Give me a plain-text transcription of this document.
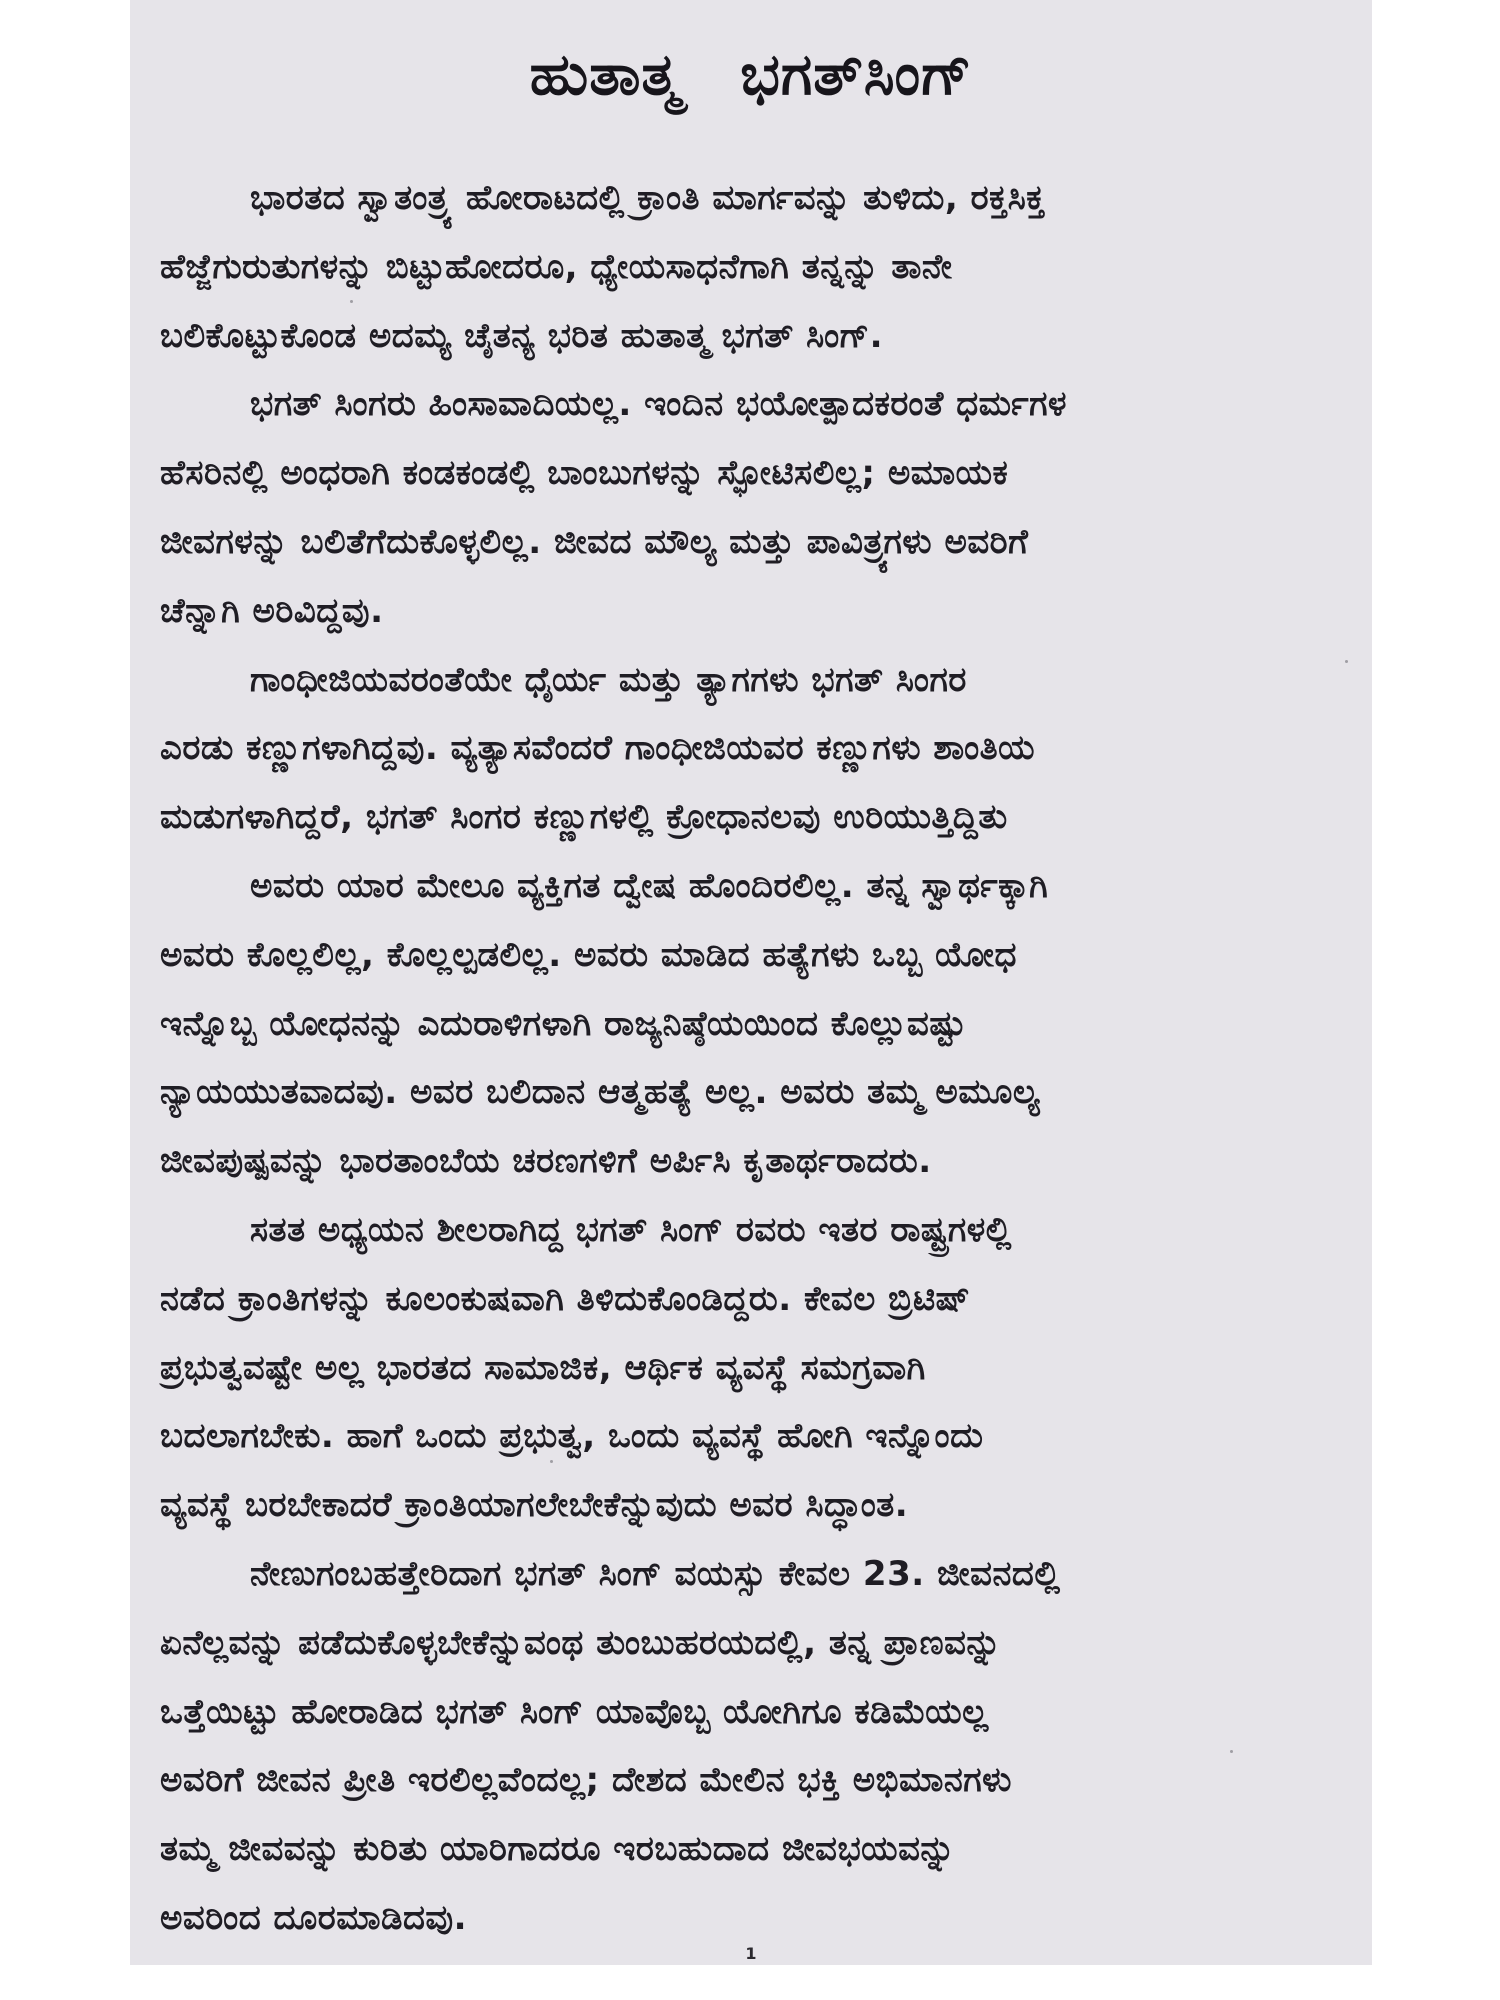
ಹುತಾತ್ಮ ಭಗತ್‌ಸಿಂಗ್
ಭಾರತದ ಸ್ವಾತಂತ್ರ್ಯ ಹೋರಾಟದಲ್ಲಿ ಕ್ರಾಂತಿ ಮಾರ್ಗವನ್ನು ತುಳಿದು, ರಕ್ತಸಿಕ್ತ
ಹೆಜ್ಜೆಗುರುತುಗಳನ್ನು ಬಿಟ್ಟುಹೋದರೂ, ಧ್ಯೇಯಸಾಧನೆಗಾಗಿ ತನ್ನನ್ನು ತಾನೇ
ಬಲಿಕೊಟ್ಟುಕೊಂಡ ಅದಮ್ಯ ಚೈತನ್ಯ ಭರಿತ ಹುತಾತ್ಮ ಭಗತ್ ಸಿಂಗ್.
ಭಗತ್ ಸಿಂಗರು ಹಿಂಸಾವಾದಿಯಲ್ಲ. ಇಂದಿನ ಭಯೋತ್ಪಾದಕರಂತೆ ಧರ್ಮಗಳ
ಹೆಸರಿನಲ್ಲಿ ಅಂಧರಾಗಿ ಕಂಡಕಂಡಲ್ಲಿ ಬಾಂಬುಗಳನ್ನು ಸ್ಫೋಟಿಸಲಿಲ್ಲ; ಅಮಾಯಕ
ಜೀವಗಳನ್ನು ಬಲಿತೆಗೆದುಕೊಳ್ಳಲಿಲ್ಲ. ಜೀವದ ಮೌಲ್ಯ ಮತ್ತು ಪಾವಿತ್ರ್ಯಗಳು ಅವರಿಗೆ
ಚೆನ್ನಾಗಿ ಅರಿವಿದ್ದವು.
ಗಾಂಧೀಜಿಯವರಂತೆಯೇ ಧೈರ್ಯ ಮತ್ತು ತ್ಯಾಗಗಳು ಭಗತ್ ಸಿಂಗರ
ಎರಡು ಕಣ್ಣುಗಳಾಗಿದ್ದವು. ವ್ಯತ್ಯಾಸವೆಂದರೆ ಗಾಂಧೀಜಿಯವರ ಕಣ್ಣುಗಳು ಶಾಂತಿಯ
ಮಡುಗಳಾಗಿದ್ದರೆ, ಭಗತ್ ಸಿಂಗರ ಕಣ್ಣುಗಳಲ್ಲಿ ಕ್ರೋಧಾನಲವು ಉರಿಯುತ್ತಿದ್ದಿತು
ಅವರು ಯಾರ ಮೇಲೂ ವ್ಯಕ್ತಿಗತ ದ್ವೇಷ ಹೊಂದಿರಲಿಲ್ಲ. ತನ್ನ ಸ್ವಾರ್ಥಕ್ಕಾಗಿ
ಅವರು ಕೊಲ್ಲಲಿಲ್ಲ, ಕೊಲ್ಲಲ್ಪಡಲಿಲ್ಲ. ಅವರು ಮಾಡಿದ ಹತ್ಯೆಗಳು ಒಬ್ಬ ಯೋಧ
ಇನ್ನೊಬ್ಬ ಯೋಧನನ್ನು ಎದುರಾಳಿಗಳಾಗಿ ರಾಜ್ಯನಿಷ್ಠೆಯಯಿಂದ ಕೊಲ್ಲುವಷ್ಟು
ನ್ಯಾಯಯುತವಾದವು. ಅವರ ಬಲಿದಾನ ಆತ್ಮಹತ್ಯೆ ಅಲ್ಲ. ಅವರು ತಮ್ಮ ಅಮೂಲ್ಯ
ಜೀವಪುಷ್ಪವನ್ನು ಭಾರತಾಂಬೆಯ ಚರಣಗಳಿಗೆ ಅರ್ಪಿಸಿ ಕೃತಾರ್ಥರಾದರು.
ಸತತ ಅಧ್ಯಯನ ಶೀಲರಾಗಿದ್ದ ಭಗತ್ ಸಿಂಗ್ ರವರು ಇತರ ರಾಷ್ಟ್ರಗಳಲ್ಲಿ
ನಡೆದ ಕ್ರಾಂತಿಗಳನ್ನು ಕೂಲಂಕುಷವಾಗಿ ತಿಳಿದುಕೊಂಡಿದ್ದರು. ಕೇವಲ ಬ್ರಿಟಿಷ್
ಪ್ರಭುತ್ವವಷ್ಟೇ ಅಲ್ಲ ಭಾರತದ ಸಾಮಾಜಿಕ, ಆರ್ಥಿಕ ವ್ಯವಸ್ಥೆ ಸಮಗ್ರವಾಗಿ
ಬದಲಾಗಬೇಕು. ಹಾಗೆ ಒಂದು ಪ್ರಭುತ್ವ, ಒಂದು ವ್ಯವಸ್ಥೆ ಹೋಗಿ ಇನ್ನೊಂದು
ವ್ಯವಸ್ಥೆ ಬರಬೇಕಾದರೆ ಕ್ರಾಂತಿಯಾಗಲೇಬೇಕೆನ್ನುವುದು ಅವರ ಸಿದ್ಧಾಂತ.
ನೇಣುಗಂಬಹತ್ತೇರಿದಾಗ ಭಗತ್ ಸಿಂಗ್ ವಯಸ್ಸು ಕೇವಲ 23. ಜೀವನದಲ್ಲಿ
ಏನೆಲ್ಲವನ್ನು ಪಡೆದುಕೊಳ್ಳಬೇಕೆನ್ನುವಂಥ ತುಂಬುಹರಯದಲ್ಲಿ, ತನ್ನ ಪ್ರಾಣವನ್ನು
ಒತ್ತೆಯಿಟ್ಟು ಹೋರಾಡಿದ ಭಗತ್ ಸಿಂಗ್ ಯಾವೊಬ್ಬ ಯೋಗಿಗೂ ಕಡಿಮೆಯಲ್ಲ
ಅವರಿಗೆ ಜೀವನ ಪ್ರೀತಿ ಇರಲಿಲ್ಲವೆಂದಲ್ಲ; ದೇಶದ ಮೇಲಿನ ಭಕ್ತಿ ಅಭಿಮಾನಗಳು
ತಮ್ಮ ಜೀವವನ್ನು ಕುರಿತು ಯಾರಿಗಾದರೂ ಇರಬಹುದಾದ ಜೀವಭಯವನ್ನು
ಅವರಿಂದ ದೂರಮಾಡಿದವು.
1
